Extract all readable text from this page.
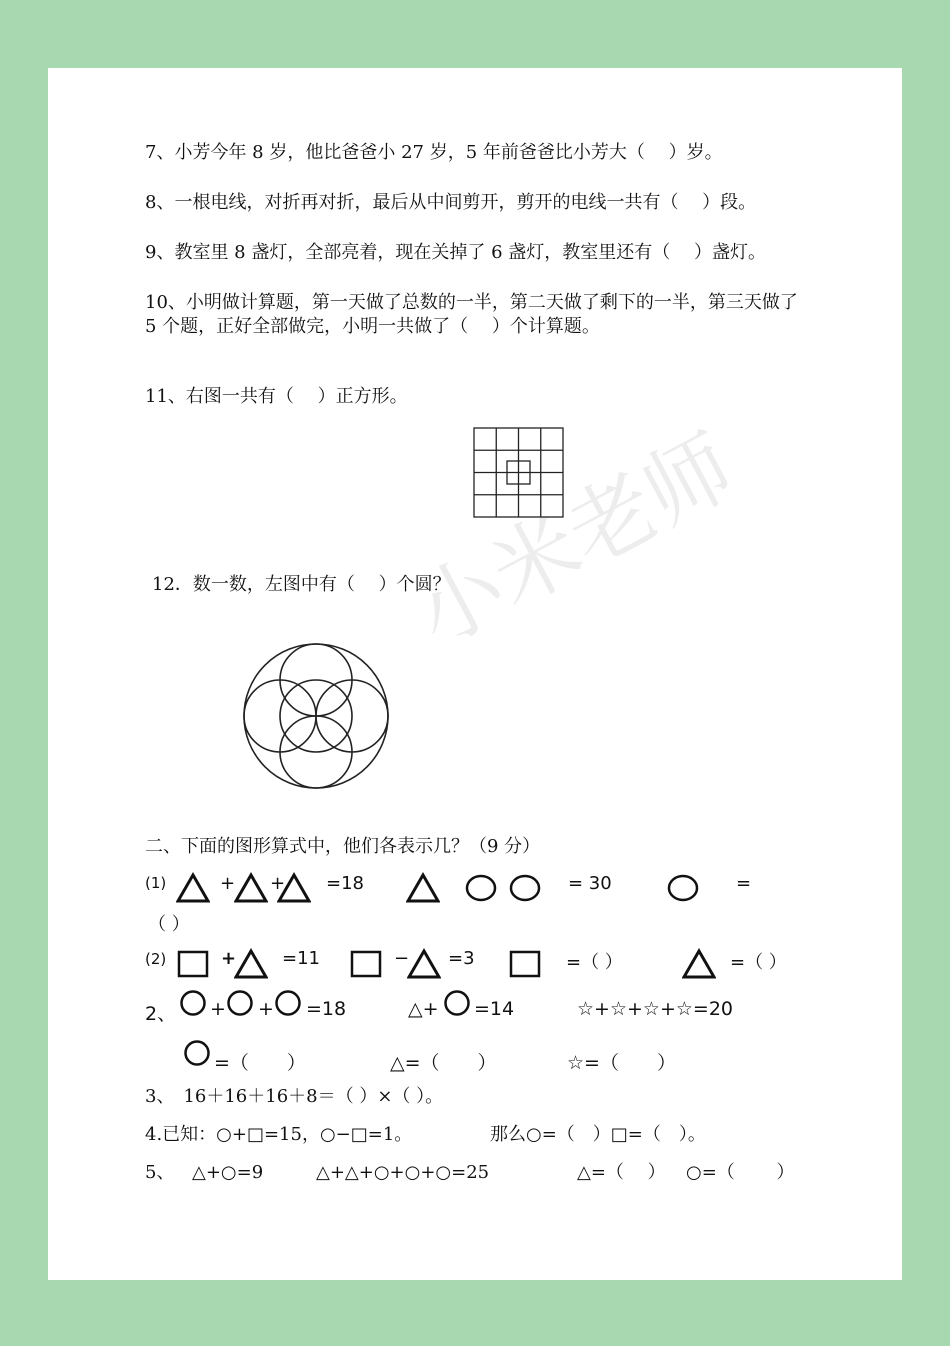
小米老师
7、小芳今年 8 岁，他比爸爸小 27 岁，5 年前爸爸比小芳大（　 ）岁。
8、一根电线，对折再对折，最后从中间剪开，剪开的电线一共有（　 ）段。
9、教室里 8 盏灯，全部亮着，现在关掉了 6 盏灯，教室里还有（　 ）盏灯。
10、小明做计算题，第一天做了总数的一半，第二天做了剩下的一半，第三天做了 5 个题，正好全部做完，小明一共做了（　 ）个计算题。
11、右图一共有（　 ）正方形。
12．数一数，左图中有（　 ）个圆？
二、下面的图形算式中，他们各表示几？（9 分）
(1)	+ + =18	= 30	=
（ ）
(2)	+	=11	− =3	=（ ）	=（ ）
2、 + + =18	△+ =14	☆+☆+☆+☆=20
=（　　）	△=（　　）	☆=（　　）
3、　16＋16＋16＋8＝（ ）×（ ）。
4.已知：○+□=15，○−□=1。	那么○=（　）□=（　）。
5、 △+○=9	△+△+○+○+○=25	△=（　 ） ○=（　　 ）
